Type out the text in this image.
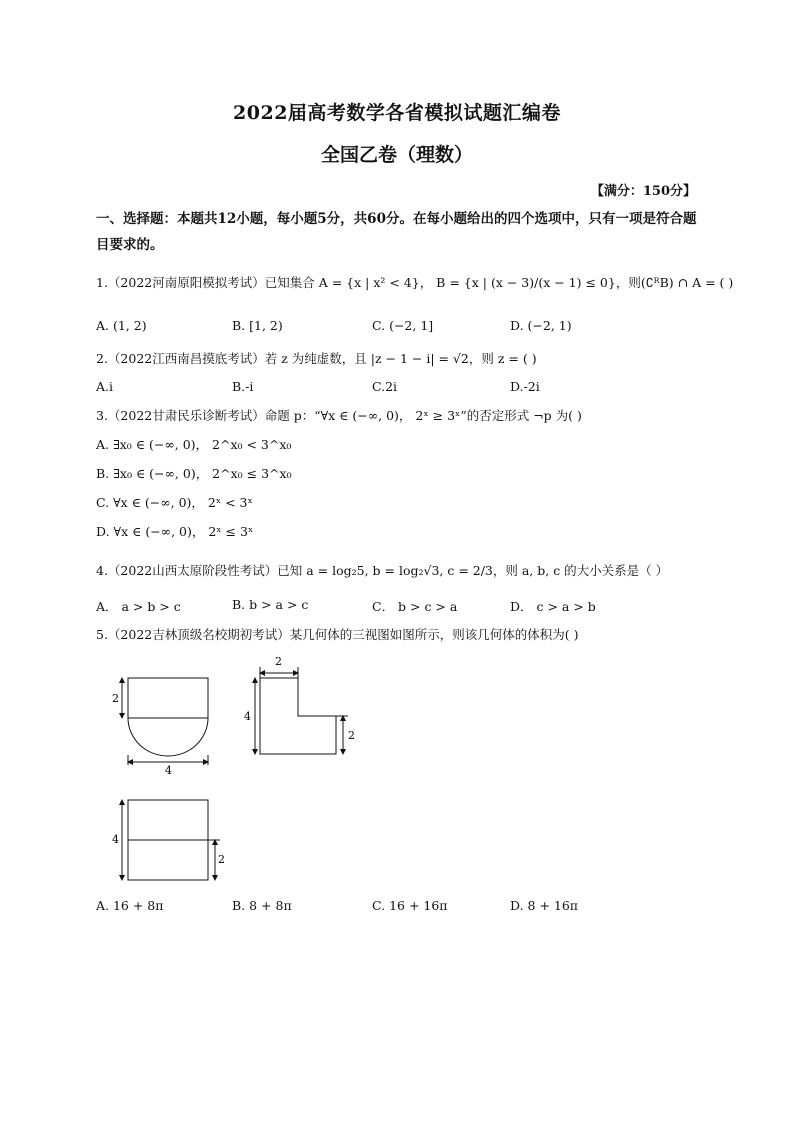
2022届高考数学各省模拟试题汇编卷
全国乙卷（理数）
【满分：150分】
一、选择题：本题共12小题，每小题5分，共60分。在每小题给出的四个选项中，只有一项是符合题目要求的。
1.（2022河南原阳模拟考试）已知集合 A = {x | x² < 4}， B = {x | (x − 3)/(x − 1) ≤ 0}，则(∁ᴿB) ∩ A = ( )
A. (1, 2)	B. [1, 2)	C. (−2, 1]	D. (−2, 1)
2.（2022江西南昌摸底考试）若 z 为纯虚数，且 |z − 1 − i| = √2，则 z = ( )
A.i	B.-i	C.2i	D.-2i
3.（2022甘肃民乐诊断考试）命题 p：“∀x ∈ (−∞, 0)， 2ˣ ≥ 3ˣ”的否定形式 ¬p 为( )
A. ∃x₀ ∈ (−∞, 0)， 2^x₀ < 3^x₀
B. ∃x₀ ∈ (−∞, 0)， 2^x₀ ≤ 3^x₀
C. ∀x ∈ (−∞, 0)， 2ˣ < 3ˣ
D. ∀x ∈ (−∞, 0)， 2ˣ ≤ 3ˣ
4.（2022山西太原阶段性考试）已知 a = log₂5, b = log₂√3, c = 2/3，则 a, b, c 的大小关系是（ ）
A． a > b > c	B. b > a > c	C． b > c > a	D． c > a > b
5.（2022吉林顶级名校期初考试）某几何体的三视图如图所示，则该几何体的体积为( )
2
4
2
4
2
4
2
A. 16 + 8π	B. 8 + 8π	C. 16 + 16π	D. 8 + 16π
